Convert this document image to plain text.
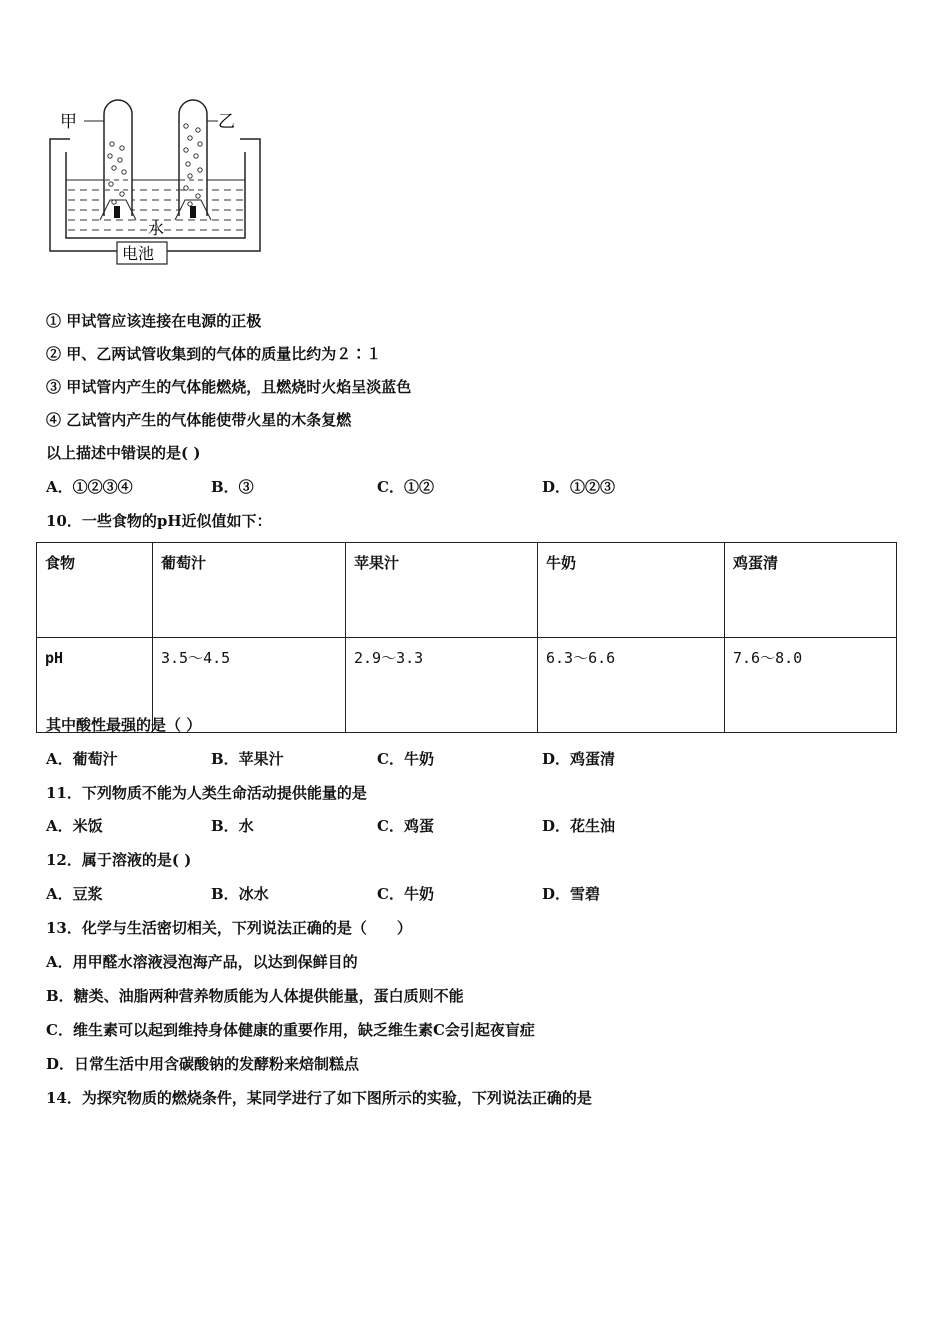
甲	乙
水
电池
① 甲试管应该连接在电源的正极
② 甲、乙两试管收集到的气体的质量比约为２∶１
③ 甲试管内产生的气体能燃烧，且燃烧时火焰呈淡蓝色
④ 乙试管内产生的气体能使带火星的木条复燃
以上描述中错误的是( )
A．①②③④	B．③	C．①②	D．①②③
10．一些食物的pH近似值如下：
食物	葡萄汁	苹果汁	牛奶	鸡蛋清
pH	3.5～4.5	2.9～3.3	6.3～6.6	7.6～8.0
其中酸性最强的是（ ）
A．葡萄汁	B．苹果汁	C．牛奶	D．鸡蛋清
11．下列物质不能为人类生命活动提供能量的是
A．米饭	B．水	C．鸡蛋	D．花生油
12．属于溶液的是( )
A．豆浆	B．冰水	C．牛奶	D．雪碧
13．化学与生活密切相关，下列说法正确的是（　　）
A．用甲醛水溶液浸泡海产品，以达到保鲜目的
B．糖类、油脂两种营养物质能为人体提供能量，蛋白质则不能
C．维生素可以起到维持身体健康的重要作用，缺乏维生素C会引起夜盲症
D．日常生活中用含碳酸钠的发酵粉来焙制糕点
14．为探究物质的燃烧条件，某同学进行了如下图所示的实验，下列说法正确的是
